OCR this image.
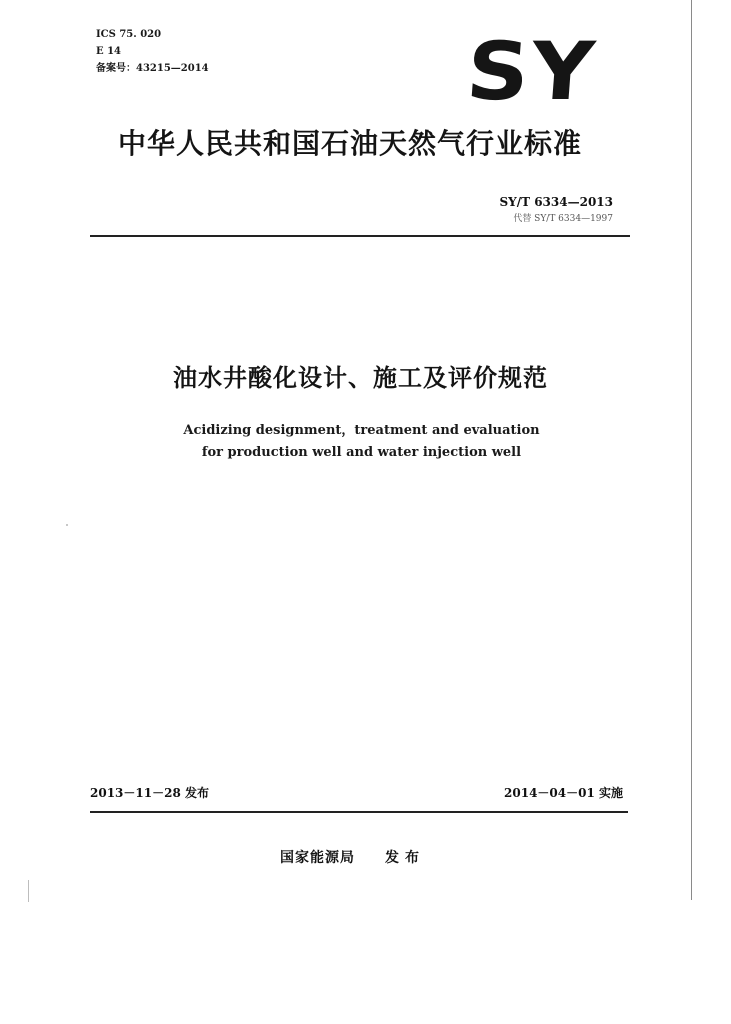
ICS 75. 020
E 14
备案号：43215—2014	SY
中华人民共和国石油天然气行业标准
SY/T 6334—2013
代替 SY/T 6334—1997
油水井酸化设计、施工及评价规范
Acidizing designment，treatment and evaluation
for production well and water injection well
2013－11－28 发布	2014－04－01 实施
国家能源局 发布
